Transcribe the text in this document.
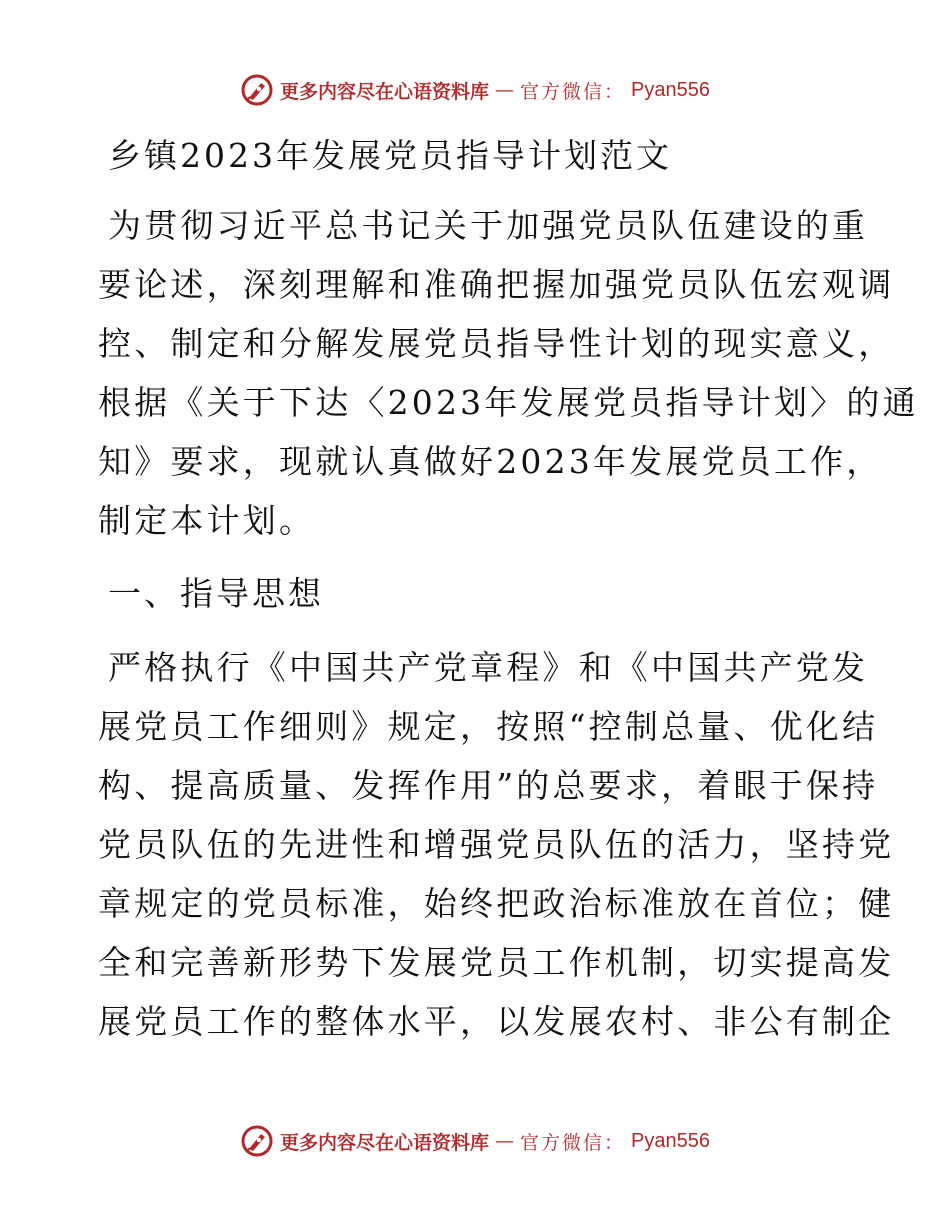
更多内容尽在心语资料库 — 官方微信： Pyan556
乡镇2023年发展党员指导计划范文

为贯彻习近平总书记关于加强党员队伍建设的重
要论述，深刻理解和准确把握加强党员队伍宏观调
控、制定和分解发展党员指导性计划的现实意义，
根据《关于下达〈2023年发展党员指导计划〉的通
知》要求，现就认真做好2023年发展党员工作，
制定本计划。

一、指导思想

严格执行《中国共产党章程》和《中国共产党发
展党员工作细则》规定，按照“控制总量、优化结
构、提高质量、发挥作用”的总要求，着眼于保持
党员队伍的先进性和增强党员队伍的活力，坚持党
章规定的党员标准，始终把政治标准放在首位；健
全和完善新形势下发展党员工作机制，切实提高发
展党员工作的整体水平，以发展农村、非公有制企

更多内容尽在心语资料库 — 官方微信： Pyan556
